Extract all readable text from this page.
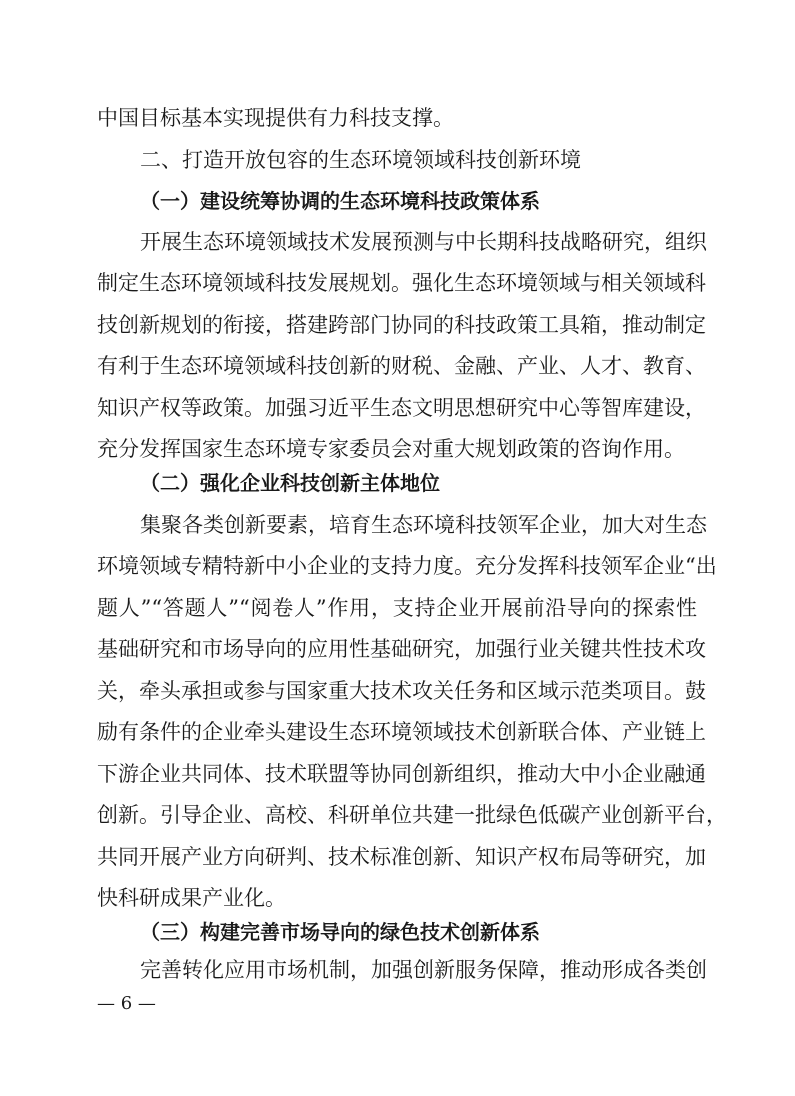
中国目标基本实现提供有力科技支撑。
二、打造开放包容的生态环境领域科技创新环境
（一）建设统筹协调的生态环境科技政策体系
开展生态环境领域技术发展预测与中长期科技战略研究，组织
制定生态环境领域科技发展规划。强化生态环境领域与相关领域科
技创新规划的衔接，搭建跨部门协同的科技政策工具箱，推动制定
有利于生态环境领域科技创新的财税、金融、产业、人才、教育、
知识产权等政策。加强习近平生态文明思想研究中心等智库建设，
充分发挥国家生态环境专家委员会对重大规划政策的咨询作用。
（二）强化企业科技创新主体地位
集聚各类创新要素，培育生态环境科技领军企业，加大对生态
环境领域专精特新中小企业的支持力度。充分发挥科技领军企业“出
题人”“答题人”“阅卷人”作用，支持企业开展前沿导向的探索性
基础研究和市场导向的应用性基础研究，加强行业关键共性技术攻
关，牵头承担或参与国家重大技术攻关任务和区域示范类项目。鼓
励有条件的企业牵头建设生态环境领域技术创新联合体、产业链上
下游企业共同体、技术联盟等协同创新组织，推动大中小企业融通
创新。引导企业、高校、科研单位共建一批绿色低碳产业创新平台，
共同开展产业方向研判、技术标准创新、知识产权布局等研究，加
快科研成果产业化。
（三）构建完善市场导向的绿色技术创新体系
完善转化应用市场机制，加强创新服务保障，推动形成各类创
— 6 —
